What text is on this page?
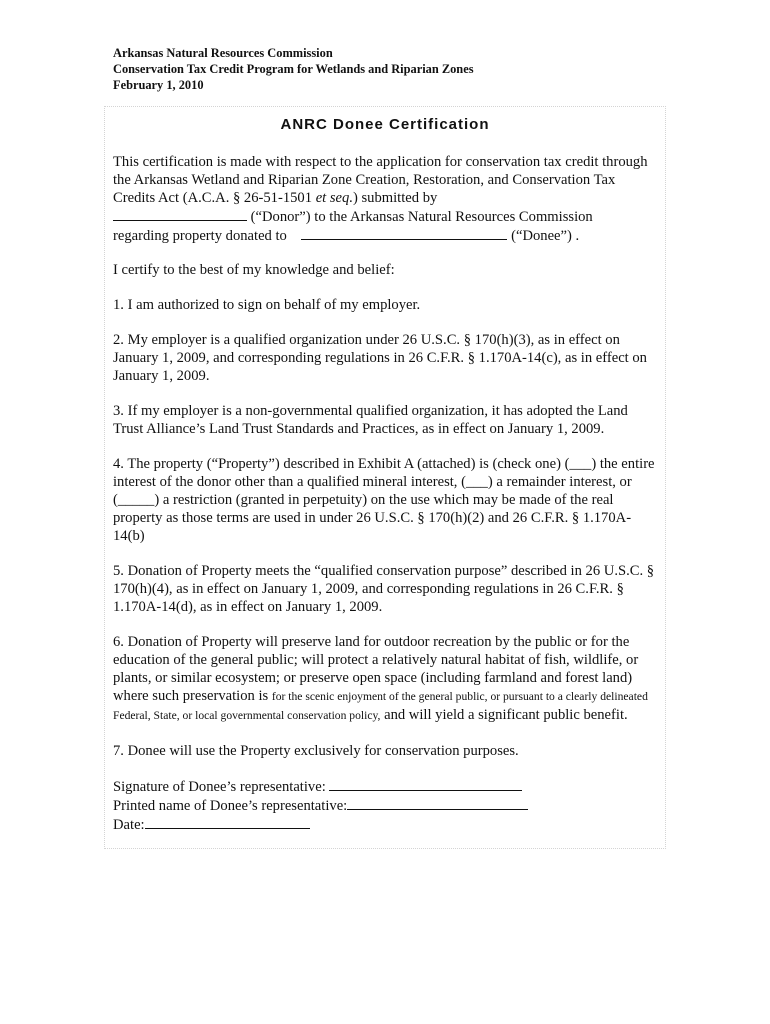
Arkansas Natural Resources Commission
Conservation Tax Credit Program for Wetlands and Riparian Zones
February 1, 2010
ANRC Donee Certification

This certification is made with respect to the application for conservation tax credit through the Arkansas Wetland and Riparian Zone Creation, Restoration, and Conservation Tax Credits Act (A.C.A. § 26-51-1501 et seq.) submitted by
(“Donor”) to the Arkansas Natural Resources Commission
regarding property donated to	(“Donee”) .

I certify to the best of my knowledge and belief:

1. I am authorized to sign on behalf of my employer.

2. My employer is a qualified organization under 26 U.S.C. § 170(h)(3), as in effect on January 1, 2009, and corresponding regulations in 26 C.F.R. § 1.170A-14(c), as in effect on January 1, 2009.

3. If my employer is a non-governmental qualified organization, it has adopted the Land Trust Alliance’s Land Trust Standards and Practices, as in effect on January 1, 2009.

4. The property (“Property”) described in Exhibit A (attached) is (check one) (___) the entire interest of the donor other than a qualified mineral interest, (___) a remainder interest, or (_____) a restriction (granted in perpetuity) on the use which may be made of the real property as those terms are used in under 26 U.S.C. § 170(h)(2) and 26 C.F.R. § 1.170A-14(b)

5. Donation of Property meets the “qualified conservation purpose” described in 26 U.S.C. § 170(h)(4), as in effect on January 1, 2009, and corresponding regulations in 26 C.F.R. § 1.170A-14(d), as in effect on January 1, 2009.

6. Donation of Property will preserve land for outdoor recreation by the public or for the education of the general public; will protect a relatively natural habitat of fish, wildlife, or plants, or similar ecosystem; or preserve open space (including farmland and forest land) where such preservation is for the scenic enjoyment of the general public, or pursuant to a clearly delineated Federal, State, or local governmental conservation policy, and will yield a significant public benefit.

7. Donee will use the Property exclusively for conservation purposes.

Signature of Donee’s representative:
Printed name of Donee’s representative:
Date:
